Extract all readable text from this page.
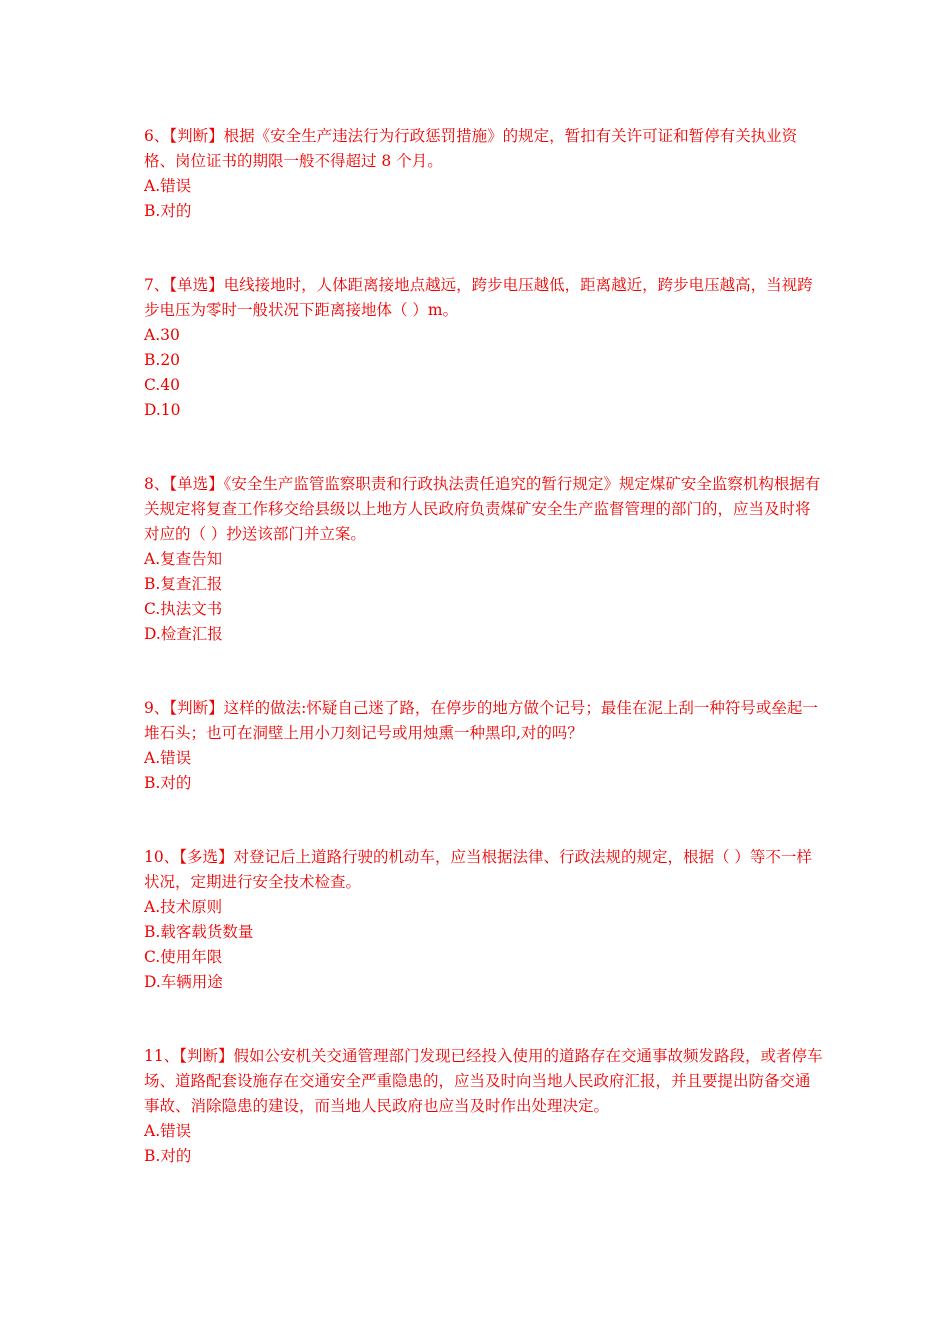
6、【判断】根据《安全生产违法行为行政惩罚措施》的规定，暂扣有关许可证和暂停有关执业资格、岗位证书的期限一般不得超过 8 个月。

A.错误

B.对的

7、【单选】电线接地时，人体距离接地点越远，跨步电压越低，距离越近，跨步电压越高，当视跨步电压为零时一般状况下距离接地体（ ）m。

A.30

B.20

C.40

D.10

8、【单选】《安全生产监管监察职责和行政执法责任追究的暂行规定》规定煤矿安全监察机构根据有关规定将复查工作移交给县级以上地方人民政府负责煤矿安全生产监督管理的部门的，应当及时将对应的（ ）抄送该部门并立案。

A.复查告知

B.复查汇报

C.执法文书

D.检查汇报

9、【判断】这样的做法:怀疑自己迷了路，在停步的地方做个记号；最佳在泥上刮一种符号或垒起一堆石头；也可在洞壁上用小刀刻记号或用烛熏一种黑印,对的吗？

A.错误

B.对的

10、【多选】对登记后上道路行驶的机动车，应当根据法律、行政法规的规定，根据（ ）等不一样状况，定期进行安全技术检查。

A.技术原则

B.载客载货数量

C.使用年限

D.车辆用途

11、【判断】假如公安机关交通管理部门发现已经投入使用的道路存在交通事故频发路段，或者停车场、道路配套设施存在交通安全严重隐患的，应当及时向当地人民政府汇报，并且要提出防备交通事故、消除隐患的建设，而当地人民政府也应当及时作出处理决定。

A.错误

B.对的
